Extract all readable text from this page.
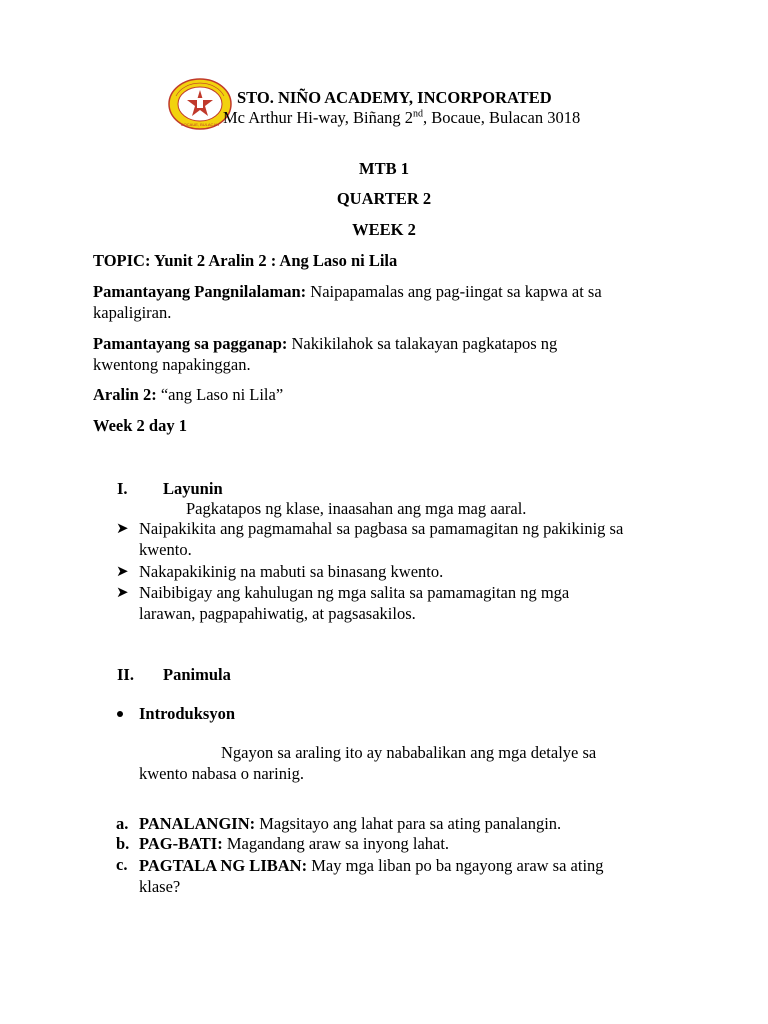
BOCAUE, BULACAN
STO. NIÑO ACADEMY, INCORPORATED
Mc Arthur Hi-way, Biñang 2nd, Bocaue, Bulacan 3018
MTB 1
QUARTER 2
WEEK 2
TOPIC: Yunit 2 Aralin 2 : Ang Laso ni Lila
Pamantayang Pangnilalaman: Naipapamalas ang pag-iingat sa kapwa at sa
kapaligiran.
Pamantayang sa pagganap: Nakikilahok sa talakayan pagkatapos ng
kwentong napakinggan.
Aralin 2: “ang Laso ni Lila”
Week 2 day 1
I. Layunin
Pagkatapos ng klase, inaasahan ang mga mag aaral.
➤ Naipakikita ang pagmamahal sa pagbasa sa pamamagitan ng pakikinig sa
kwento.
➤ Nakapakikinig na mabuti sa binasang kwento.
➤ Naibibigay ang kahulugan ng mga salita sa pamamagitan ng mga
larawan, pagpapahiwatig, at pagsasakilos.
II. Panimula
Introduksyon
Ngayon sa araling ito ay nababalikan ang mga detalye sa
kwento nabasa o narinig.
a. PANALANGIN: Magsitayo ang lahat para sa ating panalangin.
b. PAG-BATI: Magandang araw sa inyong lahat.
c. PAGTALA NG LIBAN: May mga liban po ba ngayong araw sa ating
klase?
